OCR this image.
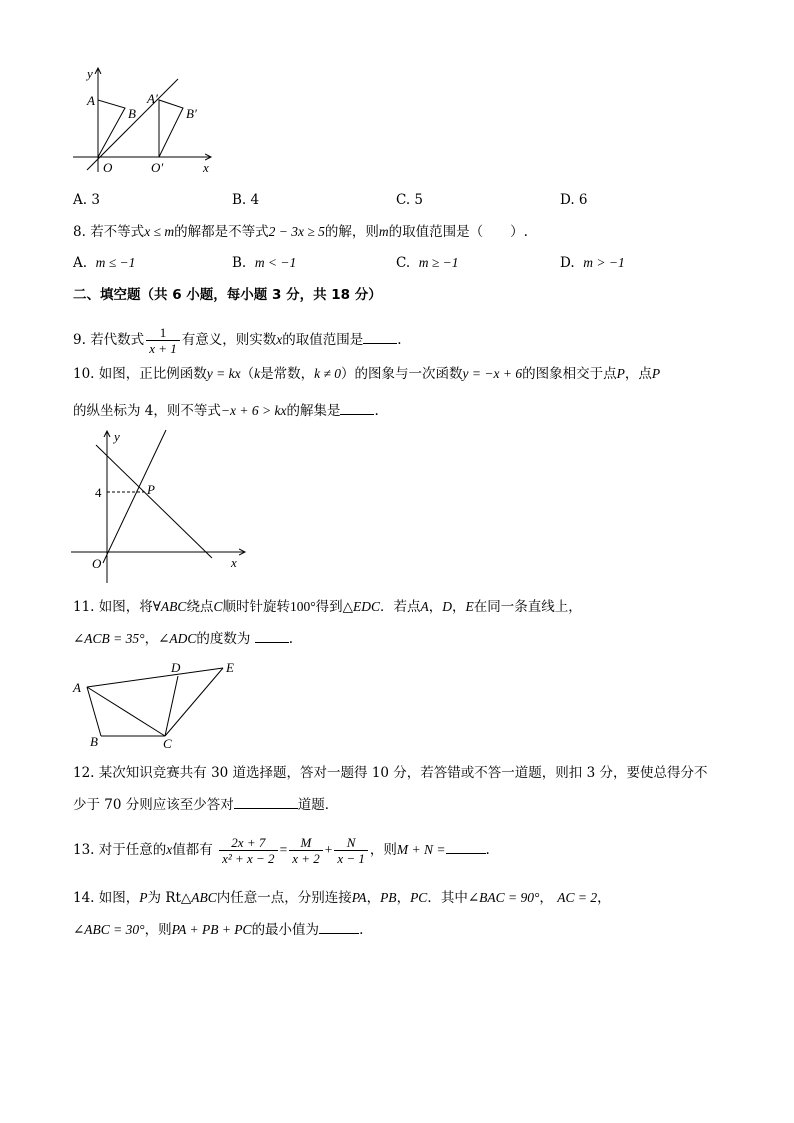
y
x
A
B
A′
B′
O	O′
A. 3	B. 4	C. 5	D. 6
8. 若不等式x ≤ m的解都是不等式2 − 3x ≥ 5的解，则m的取值范围是（　　）.
A. m ≤ −1	B. m < −1	C. m ≥ −1	D. m > −1
二、填空题（共 6 小题，每小题 3 分，共 18 分）
9. 若代数式 $\frac{1}{x + 1}$ 有意义，则实数x的取值范围是	.
10. 如图，正比例函数y = kx（k是常数，k ≠ 0）的图象与一次函数y = −x + 6的图象相交于点P，点P
的纵坐标为 4，则不等式−x + 6 > kx的解集是	.
y
x
O
P
4
11. 如图，将∀ABC绕点C顺时针旋转100°得到△EDC．若点A，D，E在同一条直线上，
∠ACB = 35°，∠ADC的度数为	.
A
B	C
D	E
12. 某次知识竞赛共有 30 道选择题，答对一题得 10 分，若答错或不答一道题，则扣 3 分，要使总得分不
少于 70 分则应该至少答对	道题．
13. 对于任意的x值都有 $\frac{2x + 7}{\text{x² + x − 2}} = \frac{M}{x + 2} + \frac{N}{x - 1}$ ，则M + N =	.
14. 如图，P为 Rt△ABC内任意一点，分别连接PA，PB，PC．其中∠BAC = 90°， AC = 2，
∠ABC = 30°，则PA + PB + PC的最小值为	.
